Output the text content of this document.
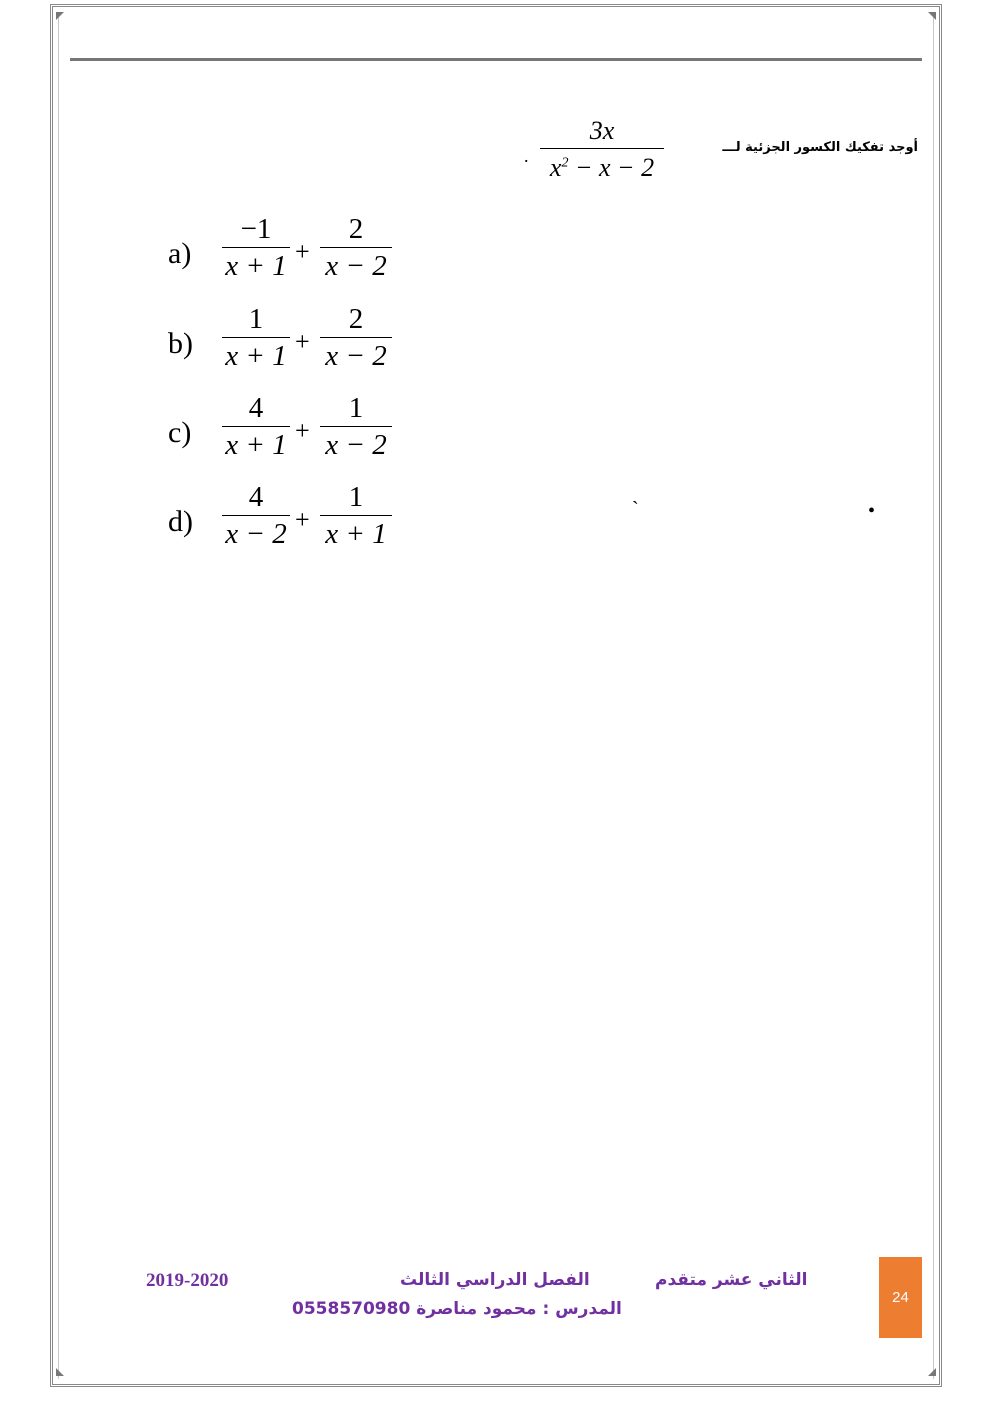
أوجد تفكيك الكسور الجزئية لـــ
3x
$x^2 - x - 2$
.
a)
−1
x + 1 +
2
x − 2
b)
1
x + 1 +
2
x − 2
c)
4
x + 1 +
1
x − 2
d)
4
x − 2 +
1
x + 1
ˋ	•
الثاني عشر متقدم
الفصل الدراسي الثالث
2019-2020
المدرس : محمود مناصرة 0558570980
24
